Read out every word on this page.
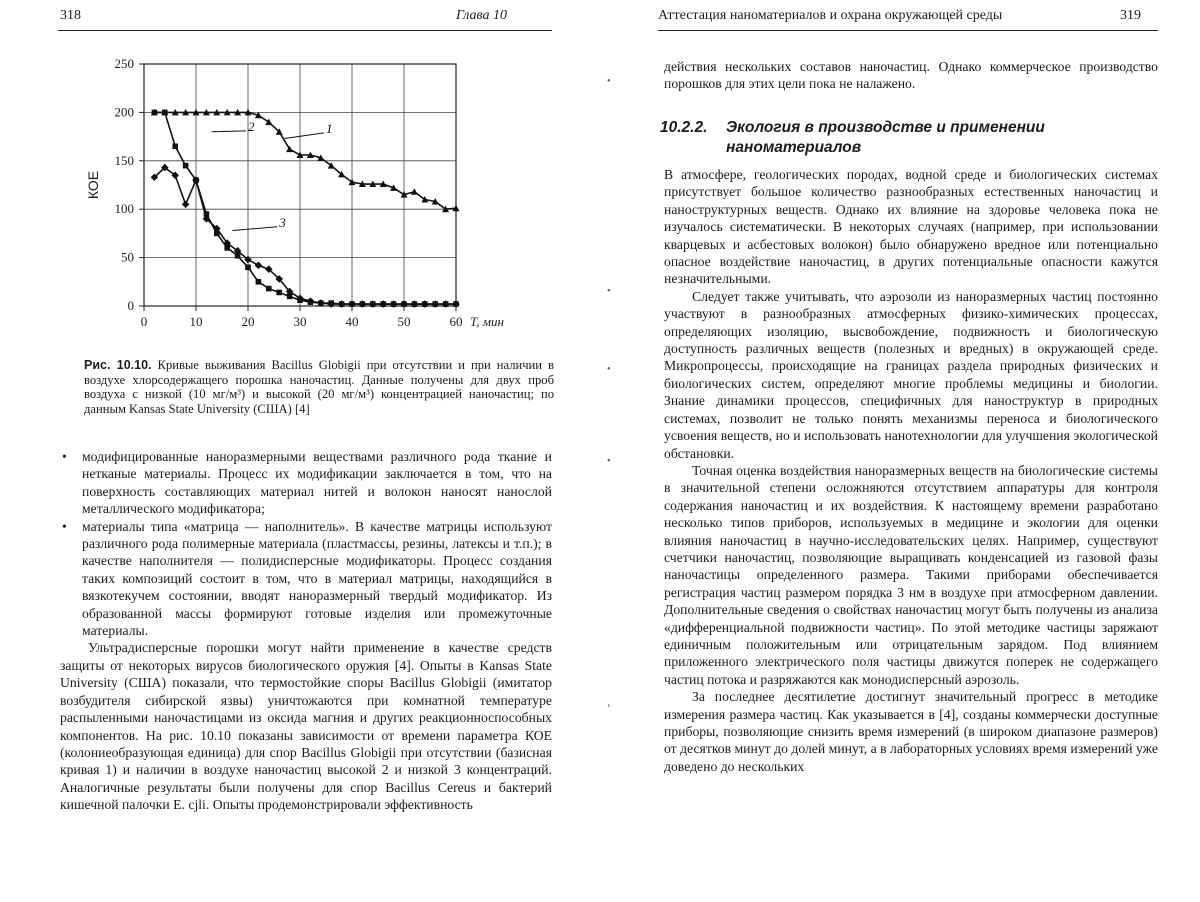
318	Глава 10
0	10	20	30	40	50	60
0
50
100
150
200
250
T, мин
КОЕ
1
2
3
Рис. 10.10. Кривые выживания Bacillus Globigii при отсутствии и при наличии в воздухе хлорсодержащего порошка наночастиц. Данные получены для двух проб воздуха с низкой (10 мг/м³) и высокой (20 мг/м³) концентрацией наночастиц; по данным Kansas State University (США) [4]
• модифицированные наноразмерными веществами различного рода ткание и нетканые материалы. Процесс их модификации заключается в том, что на поверхность составляющих материал нитей и волокон наносят нанослой металлического модификатора;
• материалы типа «матрица — наполнитель». В качестве матрицы используют различного рода полимерные материала (пластмассы, резины, латексы и т.п.); в качестве наполнителя — полидисперсные модификаторы. Процесс создания таких композиций состоит в том, что в материал матрицы, находящийся в вязкотекучем состоянии, вводят наноразмерный твердый модификатор. Из образованной массы формируют готовые изделия или промежуточные материалы.

Ультрадисперсные порошки могут найти применение в качестве средств защиты от некоторых вирусов биологического оружия [4]. Опыты в Kansas State University (США) показали, что термостойкие споры Bacillus Globigii (имитатор возбудителя сибирской язвы) уничтожаются при комнатной температуре распыленными наночастицами из оксида магния и других реакционноспособных компонентов. На рис. 10.10 показаны зависимости от времени параметра КОЕ (колониеобразующая единица) для спор Bacillus Globigii при отсутствии (базисная кривая 1) и наличии в воздухе наночастиц высокой 2 и низкой 3 концентраций. Аналогичные результаты были получены для спор Bacillus Cereus и бактерий кишечной палочки E. cjli. Опыты продемонстрировали эффективность

Аттестация наноматериалов и охрана окружающей среды	319

действия нескольких составов наночастиц. Однако коммерческое производство порошков для этих цели пока не налажено.

10.2.2. Экология в производстве и применении
наноматериалов

В атмосфере, геологических породах, водной среде и биологических системах присутствует большое количество разнообразных естественных наночастиц и наноструктурных веществ. Однако их влияние на здоровье человека пока не изучалось систематически. В некоторых случаях (например, при использовании кварцевых и асбестовых волокон) было обнаружено вредное или потенциально опасное воздействие наночастиц, в других потенциальные опасности кажутся незначительными.

Следует также учитывать, что аэрозоли из наноразмерных частиц постоянно участвуют в разнообразных атмосферных физико-химических процессах, определяющих изоляцию, высвобождение, подвижность и биологическую доступность различных веществ (полезных и вредных) в окружающей среде. Микропроцессы, происходящие на границах раздела природных физических и биологических систем, определяют многие проблемы медицины и биологии. Знание динамики процессов, специфичных для наноструктур в природных системах, позволит не только понять механизмы переноса и биологического усвоения веществ, но и использовать нанотехнологии для улучшения экологической обстановки.

Точная оценка воздействия наноразмерных веществ на биологические системы в значительной степени осложняются отсутствием аппаратуры для контроля содержания наночастиц и их воздействия. К настоящему времени разработано несколько типов приборов, используемых в медицине и экологии для оценки влияния наночастиц в научно-исследовательских целях. Например, существуют счетчики наночастиц, позволяющие выращивать конденсацией из газовой фазы наночастицы определенного размера. Такими приборами обеспечивается регистрация частиц размером порядка 3 нм в воздухе при атмосферном давлении. Дополнительные сведения о свойствах наночастиц могут быть получены из анализа «дифференциальной подвижности частиц». По этой методике частицы заряжают единичным положительным или отрицательным зарядом. Под влиянием приложенного электрического поля частицы движутся поперек не содержащего частиц потока и разряжаются как монодисперсный аэрозоль.

За последнее десятилетие достигнут значительный прогресс в методике измерения размера частиц. Как указывается в [4], созданы коммерчески доступные приборы, позволяющие снизить время измерений (в широком диапазоне размеров) от десятков минут до долей минут, а в лабораторных условиях время измерений уже доведено до нескольких

•
•
•
•
›
